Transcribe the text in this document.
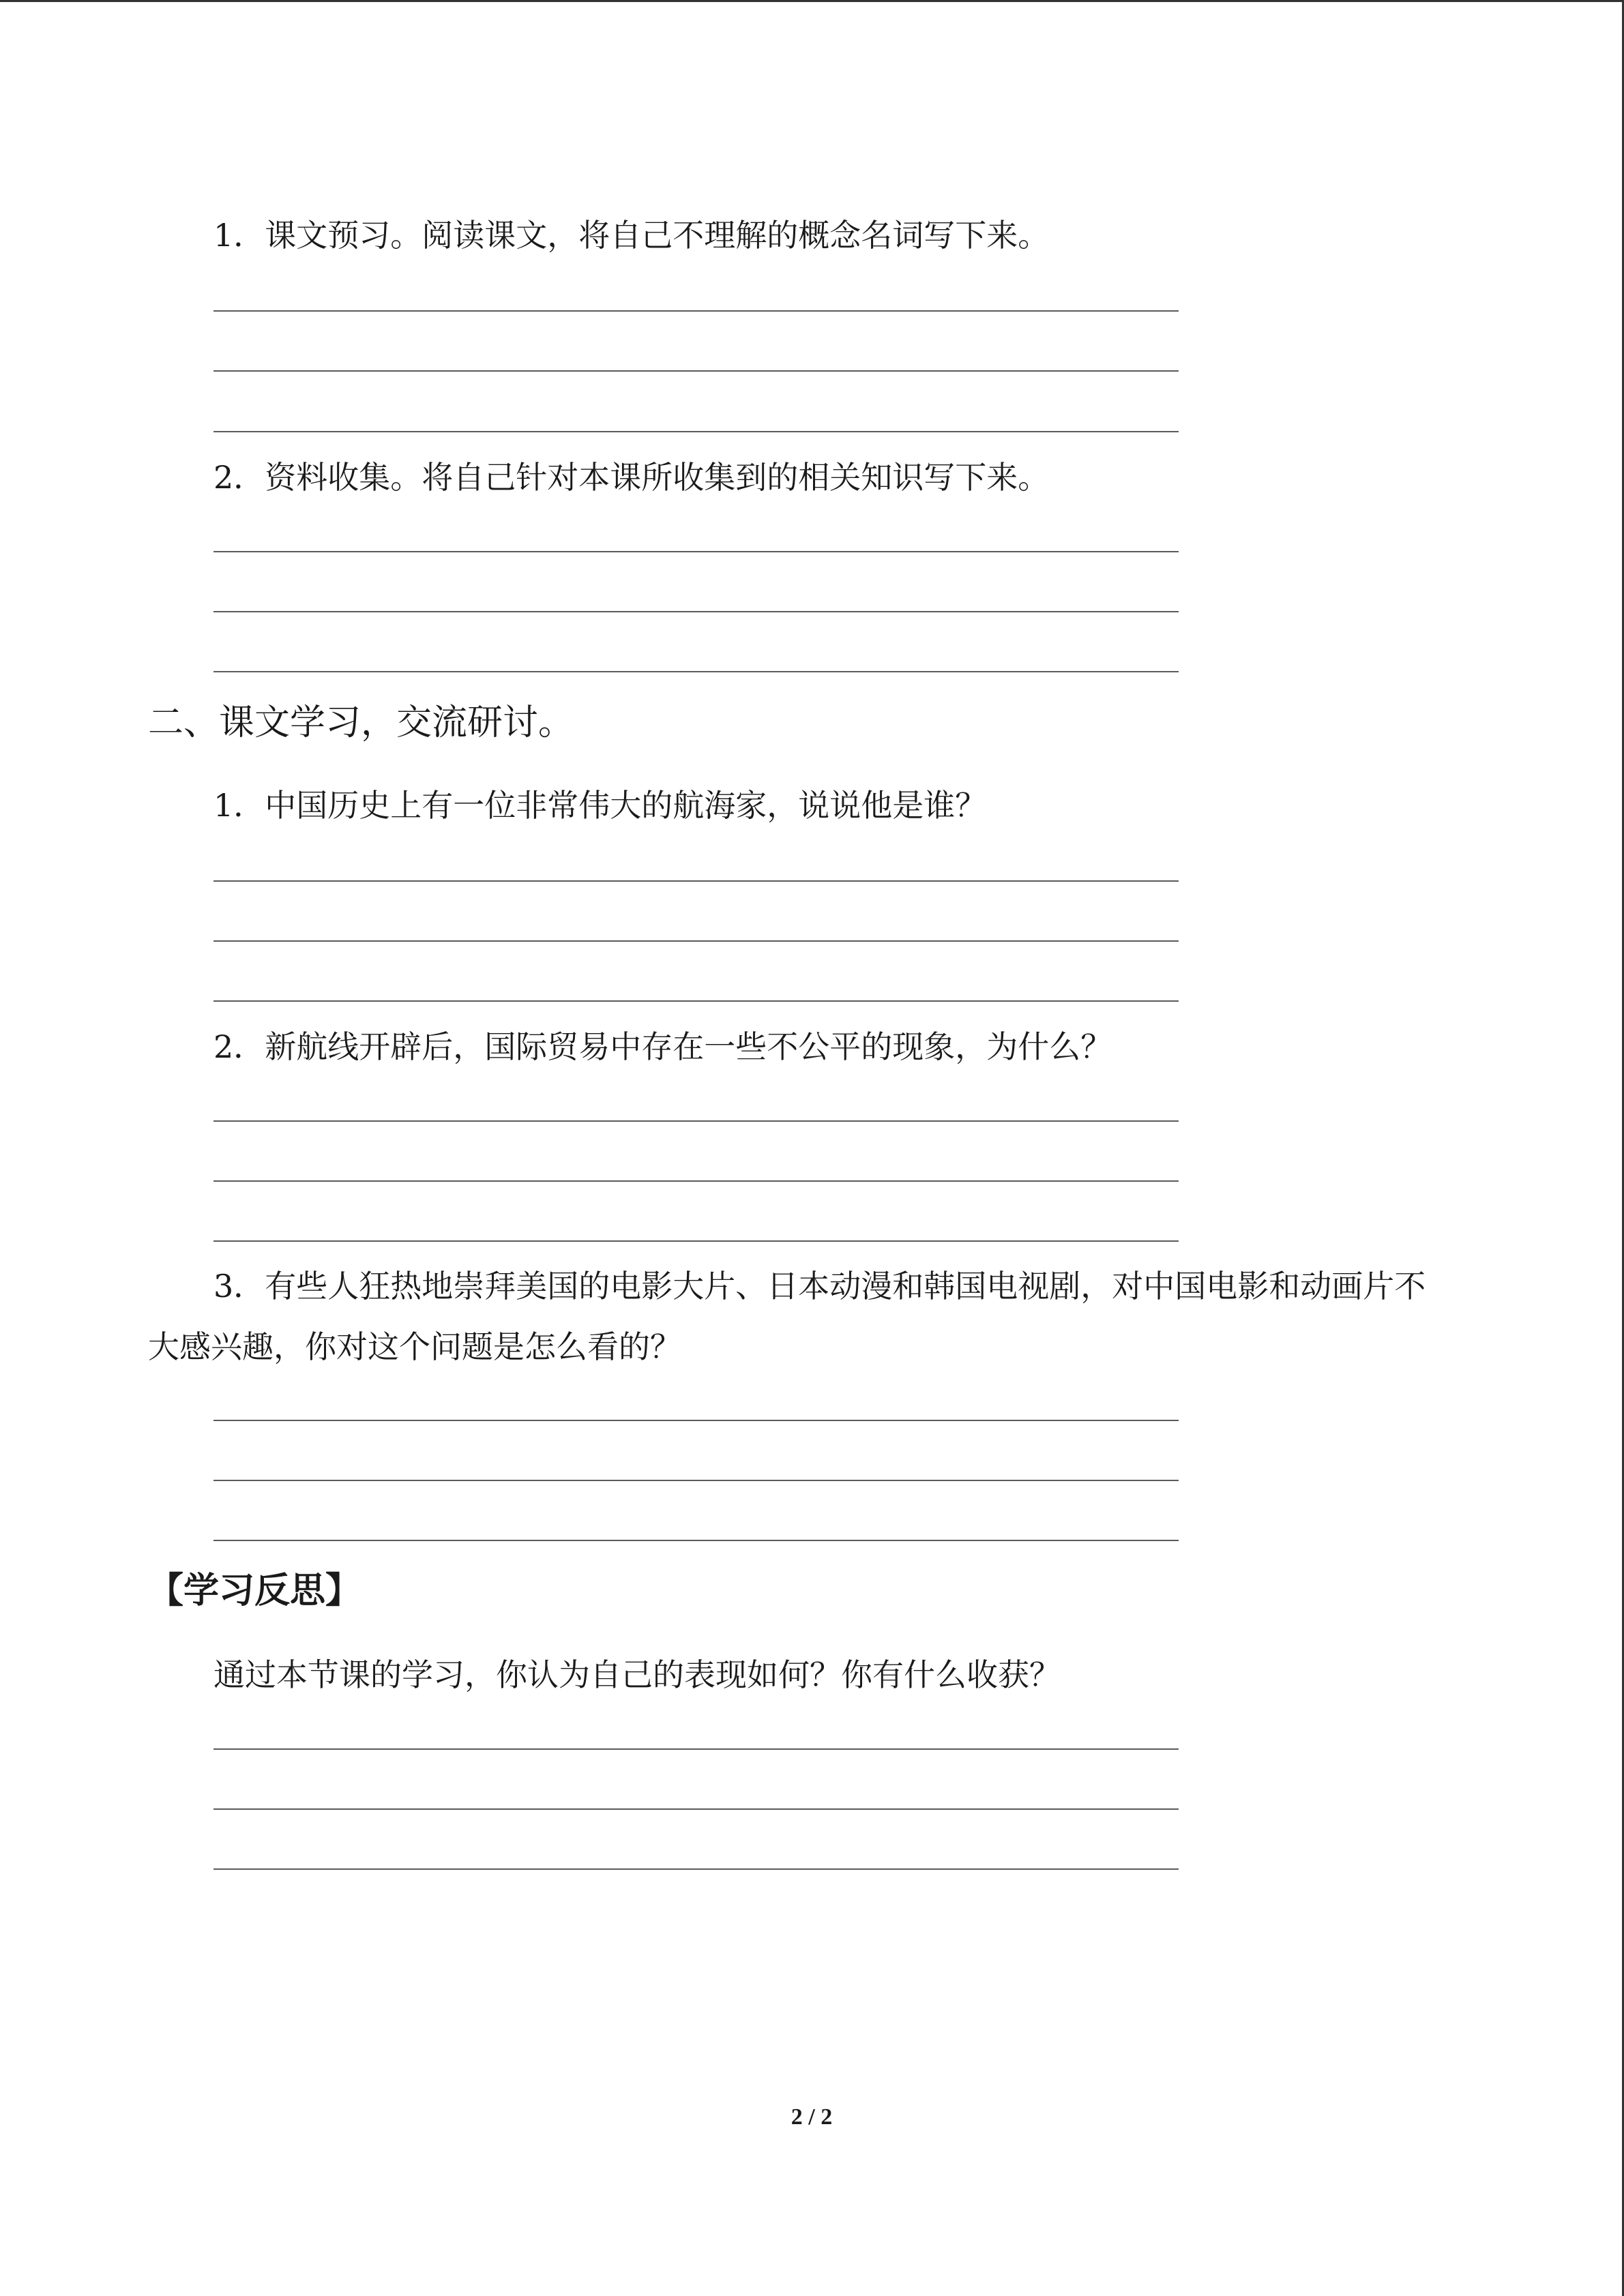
1．课文预习。阅读课文，将自己不理解的概念名词写下来。
2．资料收集。将自己针对本课所收集到的相关知识写下来。
二、课文学习，交流研讨。
1．中国历史上有一位非常伟大的航海家，说说他是谁？
2．新航线开辟后，国际贸易中存在一些不公平的现象，为什么？
3．有些人狂热地崇拜美国的电影大片、日本动漫和韩国电视剧，对中国电影和动画片不
大感兴趣，你对这个问题是怎么看的？
【学习反思】
通过本节课的学习，你认为自己的表现如何？你有什么收获？
2 / 2
